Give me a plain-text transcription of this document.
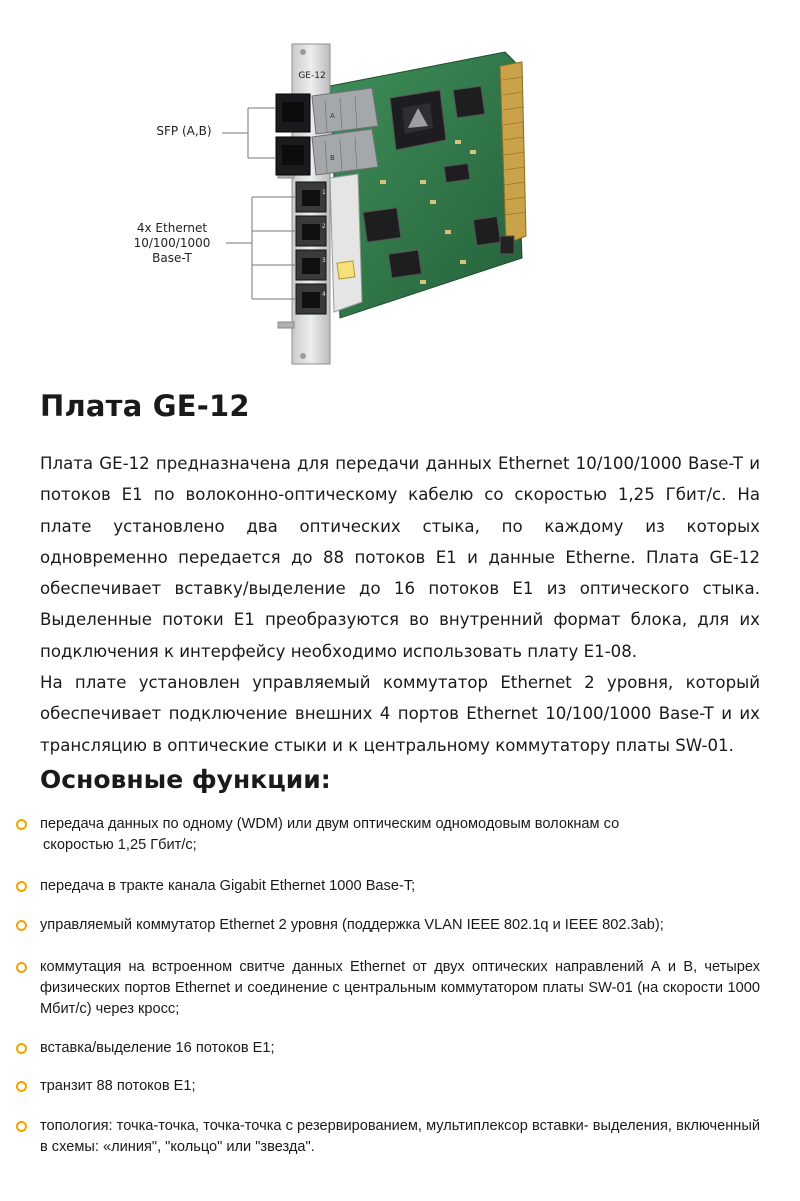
GE-12
A
B
1
2
3
4
SFP (A,B)
4x Ethernet
10/100/1000
Base-T
Плата GE-12

Плата GE-12 предназначена для передачи данных Ethernet 10/100/1000 Base-T и потоков Е1 по волоконно-оптическому кабелю со скоростью 1,25 Гбит/с. На плате установлено два оптических стыка, по каждому из которых одновременно передается до 88 потоков Е1 и данные Etherne. Плата GE-12 обеспечивает вставку/выделение до 16 потоков Е1 из оптического стыка. Выделенные потоки Е1 преобразуются во внутренний формат блока, для их подключения к интерфейсу необходимо использовать плату Е1-08.

На плате установлен управляемый коммутатор Ethernet 2 уровня, который обеспечивает подключение внешних 4 портов Ethernet 10/100/1000 Base-T и их трансляцию в оптические стыки и к центральному коммутатору платы SW-01.

Основные функции:
передача данных по одному (WDM) или двум оптическим одномодовым волокнам со
скоростью 1,25 Гбит/с;
передача в тракте канала Gigabit Ethernet 1000 Base-T;
управляемый коммутатор Ethernet 2 уровня (поддержка VLAN IEEE 802.1q и IEEE 802.3ab);
коммутация на встроенном свитче данных Ethernet от двух оптических направлений А и В, четырех физических портов Ethernet и соединение с центральным коммутатором платы SW-01 (на скорости 1000 Мбит/с) через кросс;
вставка/выделение 16 потоков Е1;
транзит 88 потоков Е1;
топология: точка-точка, точка-точка с резервированием, мультиплексор вставки- выделения, включенный в схемы: «линия", "кольцо" или "звезда".
